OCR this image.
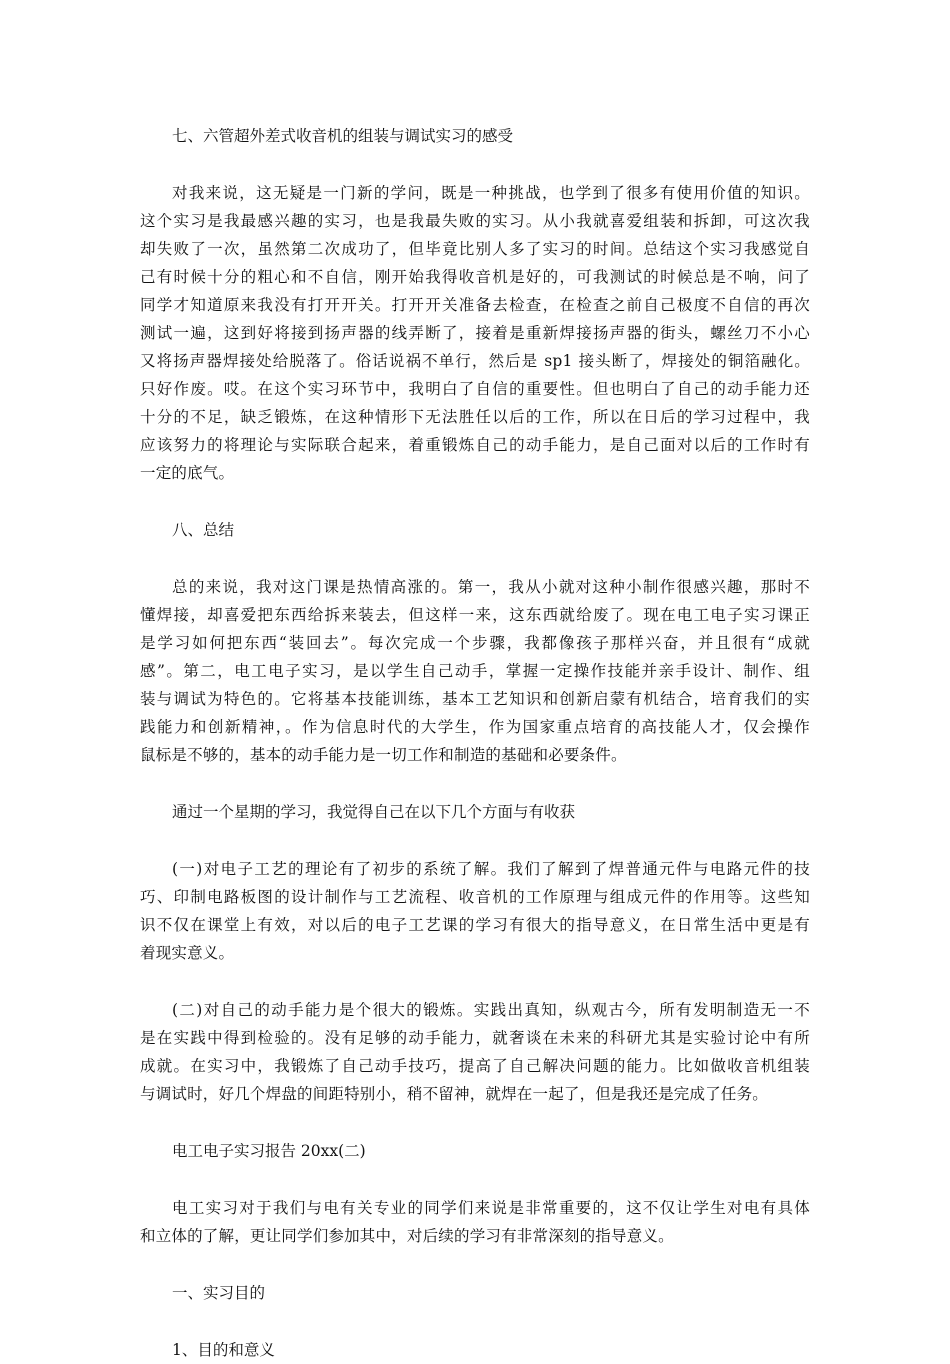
七、六管超外差式收音机的组装与调试实习的感受
对我来说，这无疑是一门新的学问，既是一种挑战，也学到了很多有使用价值的知识。
这个实习是我最感兴趣的实习，也是我最失败的实习。从小我就喜爱组装和拆卸，可这次我
却失败了一次，虽然第二次成功了，但毕竟比别人多了实习的时间。总结这个实习我感觉自
己有时候十分的粗心和不自信，刚开始我得收音机是好的，可我测试的时候总是不响，问了
同学才知道原来我没有打开开关。打开开关准备去检查，在检查之前自己极度不自信的再次
测试一遍，这到好将接到扬声器的线弄断了，接着是重新焊接扬声器的街头，螺丝刀不小心
又将扬声器焊接处给脱落了。俗话说祸不单行，然后是 sp1 接头断了，焊接处的铜箔融化。
只好作废。哎。在这个实习环节中，我明白了自信的重要性。但也明白了自己的动手能力还
十分的不足，缺乏锻炼，在这种情形下无法胜任以后的工作，所以在日后的学习过程中，我
应该努力的将理论与实际联合起来，着重锻炼自己的动手能力，是自己面对以后的工作时有
一定的底气。
八、总结
总的来说，我对这门课是热情高涨的。第一，我从小就对这种小制作很感兴趣，那时不
懂焊接，却喜爱把东西给拆来装去，但这样一来，这东西就给废了。现在电工电子实习课正
是学习如何把东西“装回去”。每次完成一个步骤，我都像孩子那样兴奋，并且很有“成就
感”。第二，电工电子实习，是以学生自己动手，掌握一定操作技能并亲手设计、制作、组
装与调试为特色的。它将基本技能训练，基本工艺知识和创新启蒙有机结合，培育我们的实
践能力和创新精神，。作为信息时代的大学生，作为国家重点培育的高技能人才，仅会操作
鼠标是不够的，基本的动手能力是一切工作和制造的基础和必要条件。
通过一个星期的学习，我觉得自己在以下几个方面与有收获
(一)对电子工艺的理论有了初步的系统了解。我们了解到了焊普通元件与电路元件的技
巧、印制电路板图的设计制作与工艺流程、收音机的工作原理与组成元件的作用等。这些知
识不仅在课堂上有效，对以后的电子工艺课的学习有很大的指导意义，在日常生活中更是有
着现实意义。
(二)对自己的动手能力是个很大的锻炼。实践出真知，纵观古今，所有发明制造无一不
是在实践中得到检验的。没有足够的动手能力，就奢谈在未来的科研尤其是实验讨论中有所
成就。在实习中，我锻炼了自己动手技巧，提高了自己解决问题的能力。比如做收音机组装
与调试时，好几个焊盘的间距特别小，稍不留神，就焊在一起了，但是我还是完成了任务。
电工电子实习报告 20xx(二)
电工实习对于我们与电有关专业的同学们来说是非常重要的，这不仅让学生对电有具体
和立体的了解，更让同学们参加其中，对后续的学习有非常深刻的指导意义。
一、实习目的
1、目的和意义
